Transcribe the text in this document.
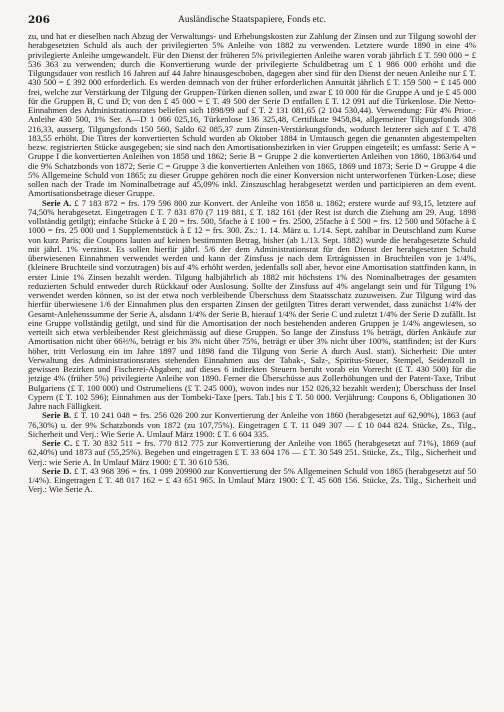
206	Ausländische Staatspapiere, Fonds etc.

zu, und hat er dieselben nach Abzug der Verwaltungs- und Erhebungskosten zur Zahlung der Zinsen und zur Tilgung sowohl der herabgesetzten Schuld als auch der privilegierten 5% Anleihe von 1882 zu verwenden. Letztere wurde 1890 in eine 4% privilegierte Anleihe umgewandelt. Für den Dienst der früheren 5% privilegierten Anleihe waren vorab jährlich £ T. 590 000 = £ 536 363 zu verwenden; durch die Konvertierung wurde der privilegierte Schuldbetrag um £ 1 986 000 erhöht und die Tilgungsdauer von restlich 16 Jahren auf 44 Jahre hinausgeschoben, dagegen aber sind für den Dienst der neuen Anleihe nur £ T. 430 500 = £ 392 000 erforderlich. Es werden demnach von der früher erforderlichen Annuität jährlich £ T. 159 500 = £ 145 000 frei, welche zur Verstärkung der Tilgung der Gruppen-Türken dienen sollen, und zwar £ 10 000 für die Gruppe A und je £ 45 000 für die Gruppen B, C und D; von den £ 45 000 = £ T. 49 500 der Serie D entfallen £ T. 12 091 auf die Türkenlose. Die Netto-Einnahmen des Administrationsrates beliefen sich 1898/99 auf £ T. 2 131 081,65 (2 104 530,44). Verwendung: Für 4% Prior.-Anleihe 430 500, 1% Ser. A—D 1 066 025,16, Türkenlose 136 325,48, Certifikate 9458,84, allgemeiner Tilgungsfonds 308 216,33, ausserg. Tilgungsfonds 150 560, Saldo 62 085,37 zum Zinsen-Verstärkungsfonds, wodurch letzterer sich auf £ T. 478 183,55 erhöht. Die Titres der konvertierten Schuld wurden ab Oktober 1884 in Umtausch gegen die genannten abgestempelten bezw. registrierten Stücke ausgegeben; sie sind nach den Amortisationsbezirken in vier Gruppen eingeteilt; es umfasst: Serie A = Gruppe I die konvertierten Anleihen von 1858 und 1862; Serie B = Gruppe 2 die konvertierten Anleihen von 1860, 1863/64 und die 9% Schatzbonds von 1872; Serie C = Gruppe 3 die konvertierten Anleihen von 1865, 1869 und 1873; Serie D = Gruppe 4 die 5% Allgemeine Schuld von 1865; zu dieser Gruppe gehören noch die einer Konversion nicht unterworfenen Türken-Lose; diese sollen nach der Trade im Nominalbetrage auf 45,09% inkl. Zinszuschlag herabgesetzt werden und participieren an dem event. Amortisationsbetrage dieser Gruppe.

Serie A. £ 7 183 872 = frs. 179 596 800 zur Konvert. der Anleihe von 1858 u. 1862; erstere wurde auf 93,15, letztere auf 74,50% herabgesetzt. Eingetragen £ T. 7 831 870 (7 119 881, £ T. 182 161 (der Rest ist durch die Ziehung am 29. Aug. 1898 vollständig getilgt); einfache Stücke à £ 20 = frs. 500, 5fache à £ 100 = frs. 2500, 25fache à £ 500 = frs. 12 500 und 50fache à £ 1000 = frs. 25 000 und 1 Supplementstück à £ 12 = frs. 300. Zs.: 1. 14. März u. 1./14. Sept. zahlbar in Deutschland zum Kurse von kurz Paris; die Coupons lauten auf keinen bestimmten Betrag, bisher (ab 1./13. Sept. 1882) wurde die herabgesetzte Schuld mit jährl. 1% verzinst. Es sollen hierfür jährl. 5/6 der dem Administrationsrat für den Dienst der herabgesetzten Schuld überwiesenen Einnahmen verwendet werden und kann der Zinsfuss je nach dem Ertrágnissen in Bruchteilen von je 1/4%, (kleinere Bruchteile sind vorzutragen) bis auf 4% erhöht werden, jedenfalls soll aber, bevor eine Amortisation stattfinden kann, in erster Linie 1% Zinsen bezahlt werden. Tilgung halbjährlich ab 1882 mit höchstens 1% des Nominalbetrages der gesamten reduzierten Schuld entweder durch Rückkauf oder Auslosung. Sollte der Zinsfuss auf 4% angelangt sein und für Tilgung 1% verwendet werden können, so ist der etwa noch verbleibende Überschuss dem Staatsschatz zuzuweisen. Zur Tilgung wird das hierfür überwiesene 1/6 der Einnahmen plus den ersparten Zinsen der getilgten Titres derart verwendet, dass zunächst 1/4% der Gesamt-Anlehenssumme der Serie A, alsdann 1/4% der Serie B, hierauf 1/4% der Serie C und zuletzt 1/4% der Serie D zufällt. Ist eine Gruppe vollständig getilgt, und sind für die Amortisation der noch bestehenden anderen Gruppen je 1/4% angewiesen, so verteilt sich etwa verbleibender Rest gleichmässig auf diese Gruppen. So lange der Zinsfuss 1% beträgt, dürfen Ankäufe zur Amortisation nicht über 66⅔%, beträgt er bis 3% nicht über 75%, beträgt er über 3% nicht über 100%, stattfinden; ist der Kurs höher, tritt Verlosung ein im Jahre 1897 und 1898 fand die Tilgung von Serie A durch Ausl. statt). Sicherheit: Die unter Verwaltung des Administrationsrates stehenden Einnahmen aus der Tabak-, Salz-, Spiritus-Steuer, Stempel, Seidenzoll in gewissen Bezirken und Fischerei-Abgaben; auf dieses 6 indirekten Steuern beruht vorab ein Vorrecht (£ T. 430 500) für die jetzige 4% (früher 5%) privilegierte Anleihe von 1890. Ferner die Überschüsse aus Zollerhöhungen und der Patent-Taxe, Tribut Bulgariens (£ T. 100 000) und Ostrumeliens (£ T. 245 000), wovon indes nur 152 026,32 bezahlt werden); Überschuss der Insel Cypern (£ T. 102 596); Einnahmen aus der Tombeki-Taxe [pers. Tab.] bis £ T. 50 000. Verjährung: Coupons 6, Obligationen 30 Jahre nach Fälligkeit.

Serie B. £ T. 10 241 048 = frs. 256 026 200 zur Konvertierung der Anleihe von 1860 (herabgesetzt auf 62,90%), 1863 (auf 76,30%) u. der 9% Schatzbonds von 1872 (zu 107,75%). Eingetragen £ T. 11 049 307 — £ 10 044 824. Stücke, Zs., Tilg., Sicherheit und Verj.: Wie Serie A. Umlauf März 1900: £ T. 6 604 335.

Serie C. £ T. 30 832 511 = frs. 770 812 775 zur Konvertierung der Anleihe von 1865 (herabgesetzt auf 71%), 1869 (auf 62,40%) und 1873 auf (55,25%). Begeben und eingetragen £ T. 33 604 176 — £ T. 30 549 251. Stücke, Zs., Tilg., Sicherheit und Verj.: wie Serie A. In Umlauf März 1900: £ T. 30 610 536.

Serie D. £ T. 43 968 396 = frs. 1 099 209900 zur Konvertierung der 5% Allgemeinen Schuld von 1865 (herabgesetzt auf 50 1/4%). Eingetragen £ T. 48 017 162 = £ 43 651 965. In Umlauf März 1900: £ T. 45 608 156. Stücke, Zs. Tilg., Sicherheit und Verj.: Wie Serie A.
